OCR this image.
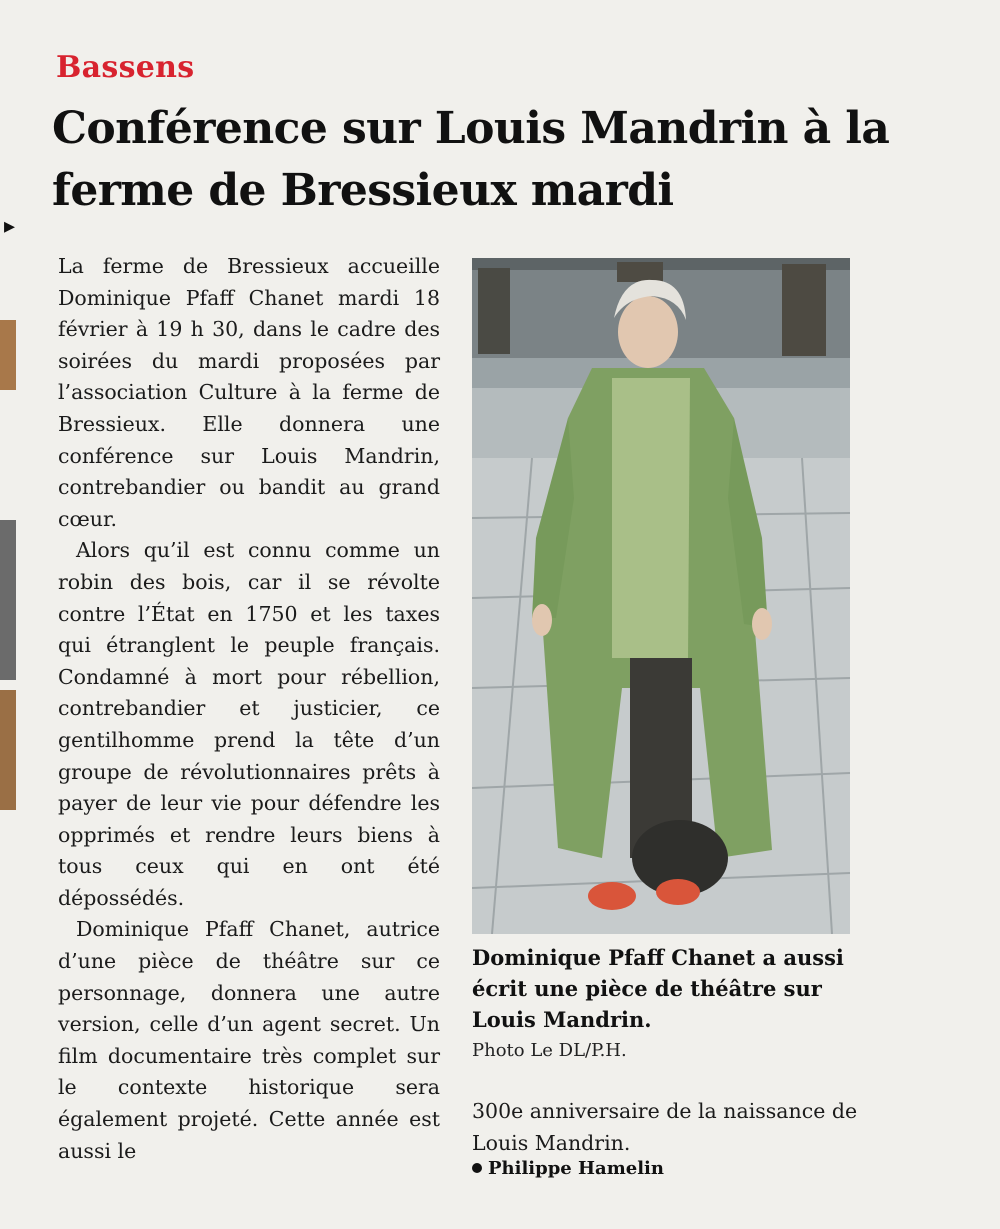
▸
Bassens
Conférence sur Louis Mandrin à la ferme de Bressieux mardi

La ferme de Bressieux accueille Dominique Pfaff Chanet mardi 18 février à 19 h 30, dans le cadre des soirées du mardi proposées par l’association Culture à la ferme de Bressieux. Elle donnera une conférence sur Louis Mandrin, contrebandier ou bandit au grand cœur.

Alors qu’il est connu comme un robin des bois, car il se révolte contre l’État en 1750 et les taxes qui étranglent le peuple français. Condamné à mort pour rébellion, contrebandier et justicier, ce gentilhomme prend la tête d’un groupe de révolutionnaires prêts à payer de leur vie pour défendre les opprimés et rendre leurs biens à tous ceux qui en ont été dépossédés.

Dominique Pfaff Chanet, autrice d’une pièce de théâtre sur ce personnage, donnera une autre version, celle d’un agent secret. Un film documentaire très complet sur le contexte historique sera également projeté. Cette année est aussi le

Dominique Pfaff Chanet a aussi écrit une pièce de théâtre sur Louis Mandrin.

Photo Le DL/P.H.

300e anniversaire de la naissance de Louis Mandrin.

Philippe Hamelin
